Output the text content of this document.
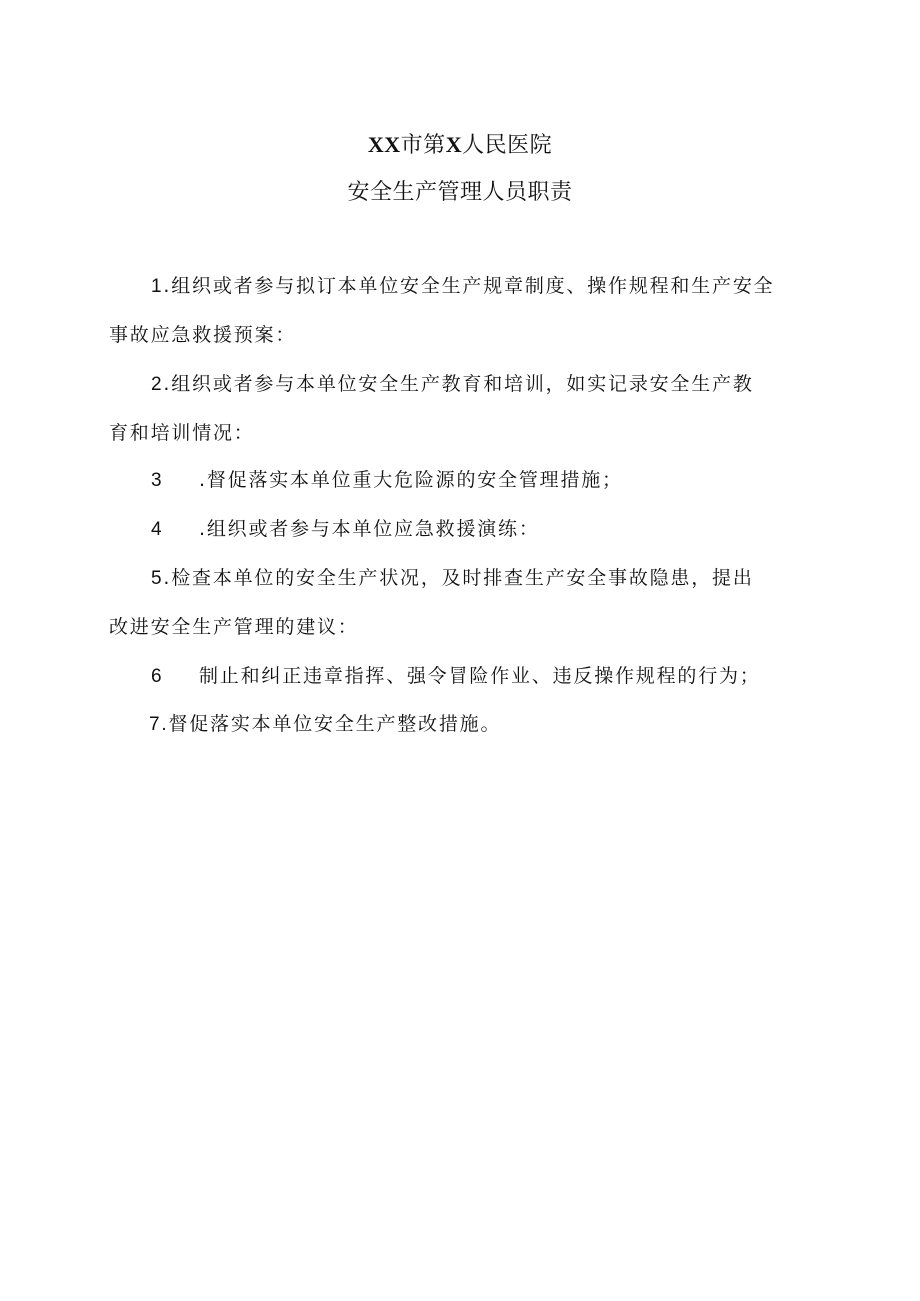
XX市第X人民医院
安全生产管理人员职责
1.组织或者参与拟订本单位安全生产规章制度、操作规程和生产安全
事故应急救援预案：
2.组织或者参与本单位安全生产教育和培训，如实记录安全生产教
育和培训情况：
3 .督促落实本单位重大危险源的安全管理措施；
4 .组织或者参与本单位应急救援演练：
5.检查本单位的安全生产状况，及时排查生产安全事故隐患，提出
改进安全生产管理的建议：
6 制止和纠正违章指挥、强令冒险作业、违反操作规程的行为；
7.督促落实本单位安全生产整改措施。
